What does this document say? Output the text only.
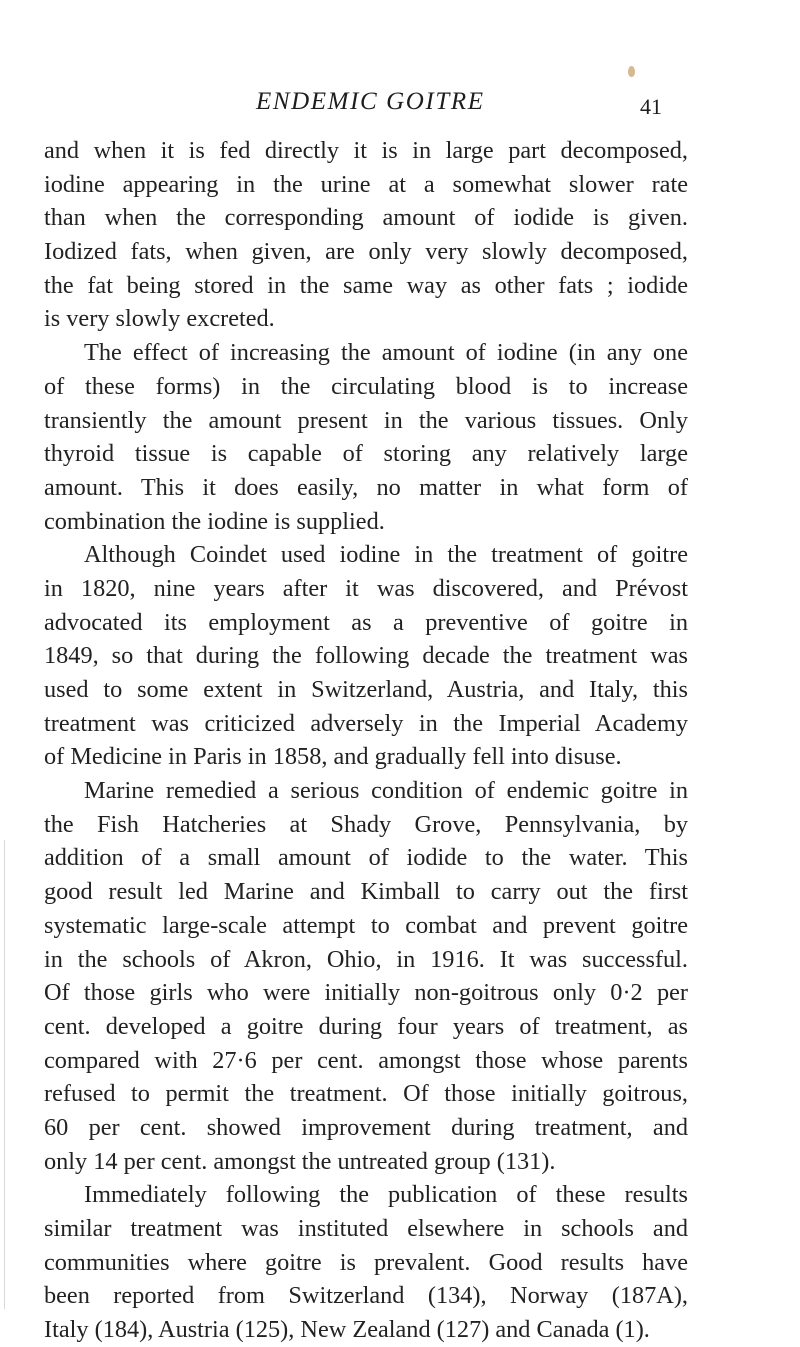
ENDEMIC GOITRE	41
and when it is fed directly it is in large part decomposed,
iodine appearing in the urine at a somewhat slower rate
than when the corresponding amount of iodide is given.
Iodized fats, when given, are only very slowly decomposed,
the fat being stored in the same way as other fats ; iodide
is very slowly excreted.
The effect of increasing the amount of iodine (in any one
of these forms) in the circulating blood is to increase
transiently the amount present in the various tissues. Only
thyroid tissue is capable of storing any relatively large
amount. This it does easily, no matter in what form of
combination the iodine is supplied.
Although Coindet used iodine in the treatment of goitre
in 1820, nine years after it was discovered, and Prévost
advocated its employment as a preventive of goitre in
1849, so that during the following decade the treatment was
used to some extent in Switzerland, Austria, and Italy, this
treatment was criticized adversely in the Imperial Academy
of Medicine in Paris in 1858, and gradually fell into disuse.
Marine remedied a serious condition of endemic goitre in
the Fish Hatcheries at Shady Grove, Pennsylvania, by
addition of a small amount of iodide to the water. This
good result led Marine and Kimball to carry out the first
systematic large-scale attempt to combat and prevent goitre
in the schools of Akron, Ohio, in 1916. It was successful.
Of those girls who were initially non-goitrous only 0·2 per
cent. developed a goitre during four years of treatment, as
compared with 27·6 per cent. amongst those whose parents
refused to permit the treatment. Of those initially goitrous,
60 per cent. showed improvement during treatment, and
only 14 per cent. amongst the untreated group (131).
Immediately following the publication of these results
similar treatment was instituted elsewhere in schools and
communities where goitre is prevalent. Good results have
been reported from Switzerland (134), Norway (187A),
Italy (184), Austria (125), New Zealand (127) and Canada (1).
